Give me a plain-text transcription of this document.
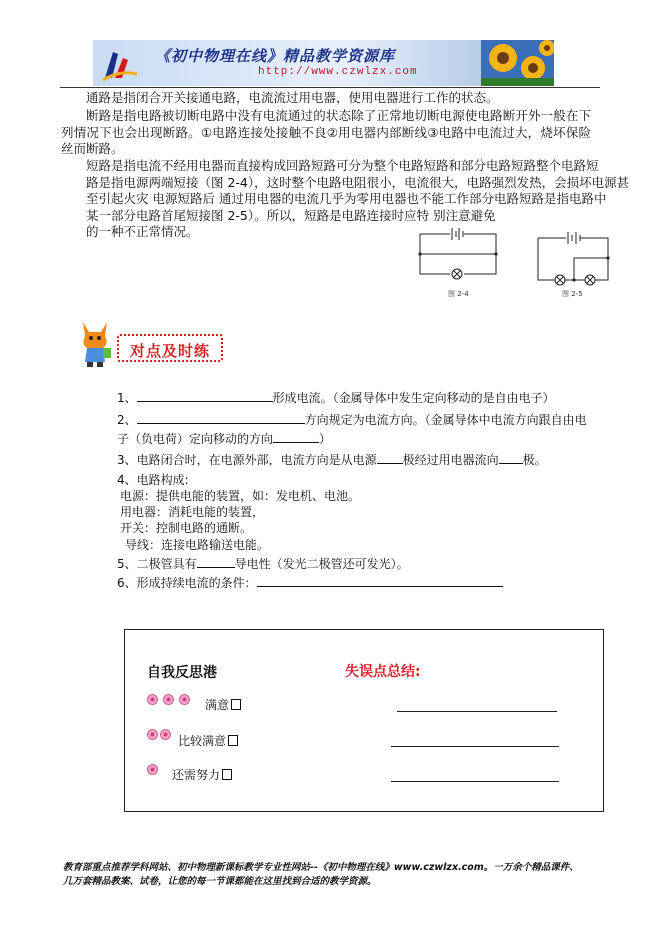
《初中物理在线》精品教学资源库
http://www.czwlzx.com
通路是指闭合开关接通电路，电流流过用电器，使用电器进行工作的状态。
断路是指电路被切断电路中没有电流通过的状态除了正常地切断电源使电路断开外一般在下列情况下也会出现断路。①电路连接处接触不良②用电器内部断线③电路中电流过大，烧坏保险丝而断路。
短路是指电流不经用电器而直接构成回路短路可分为整个电路短路和部分电路短路整个电路短
路是指电源两端短接（图 2-4），这时整个电路电阻很小，电流很大，电路强烈发热，会损坏电源甚
至引起火灾 电源短路后 通过用电器的电流几乎为零用电器也不能工作部分电路短路是指电路中
某一部分电路首尾短接图 2-5）。所以，短路是电路连接时应特 别注意避免
的一种不正常情况。
图 2-4	图 2-5
对点及时练
1、	形成电流。（金属导体中发生定向移动的是自由电子）
2、	方向规定为电流方向。（金属导体中电流方向跟自由电
子（负电荷）定向移动的方向	）
3、电路闭合时，在电源外部，电流方向是从电源 极经过用电器流向 极。
4、电路构成:
电源：提供电能的装置，如：发电机、电池。
用电器：消耗电能的装置，
开关：控制电路的通断。
导线：连接电路输送电能。
5、二极管具有	导电性（发光二极管还可发光）。
6、形成持续电流的条件：
自我反思港	失误点总结:
满意
比较满意
还需努力
教育部重点推荐学科网站、初中物理新课标教学专业性网站--《初中物理在线》www.czwlzx.com。一万余个精品课件、
几万套精品教案、试卷，让您的每一节课都能在这里找到合适的教学资源。
